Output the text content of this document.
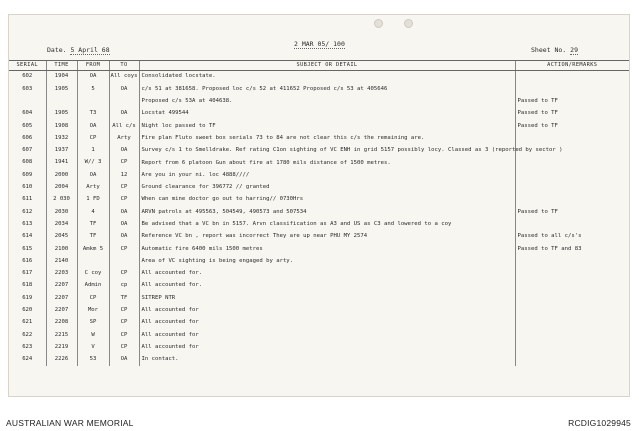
Date. 5 April 68
2 MAR 05/ 100
Sheet No. 29
SERIAL	TIME	FROM	TO	SUBJECT OR DETAIL	ACTION/REMARKS
602	1904	OA	All coys	Consolidated locstate.	
603	1905	5	OA	c/s 51 at 381658. Proposed loc c/s 52 at 411652 Proposed c/s 53 at 405646	
				Proposed c/s 53A at 404638.	Passed to TF
604	1905	T3	OA	Locstat 499544	Passed to TF
605	1908	OA	All c/s	Night loc passed to TF	Passed to TF
606	1932	CP	Arty	Fire plan Fluto sweet box serials 73 to 84 are not clear this c/s the remaining are.	
607	1937	1	OA	Survey c/s 1 to Smelldrake. Ref rating C1on sighting of VC ENH in grid 5157 possibly locy. Classed as 3 (reported by sector )	
608	1941	W// 3	CP	Report from 6 platoon Gun about fire at 1780 mils distance of 1500 metres.	
609	2000	OA	12	Are you in your ni. loc 4888////	
610	2004	Arty	CP	Ground clearance for 396772 // granted	
611	2 030	1 FD	CP	When can mine doctor go out to harring// 0730Hrs	
612	2030	4	OA	ARVN patrols at 495563, 504549, 490573 and 507534	Passed to TF
613	2034	TF	OA	Be advised that a VC bn in 5157. Arvn classification as A3 and US as C3 and lowered to a coy	
614	2045	TF	OA	Reference VC bn , report was incorrect They are up near PHU MY 2574	Passed to all c/s's
615	2100	Amkm 5	CP	Automatic fire 6400 mils 1500 metres	Passed to TF and 83
616	2140			Area of VC sighting is being engaged by arty.	
617	2203	C coy	CP	All accounted for.	
618	2207	Admin	cp	All accounted for.	
619	2207	CP	TF	SITREP NTR	
620	2207	Mor	CP	All accounted for	
621	2208	SP	CP	All accounted for	
622	2215	W	CP	All accounted for	
623	2219	V	CP	All accounted for	
624	2226	53	OA	In contact.	
AUSTRALIAN WAR MEMORIAL	RCDIG1029945
